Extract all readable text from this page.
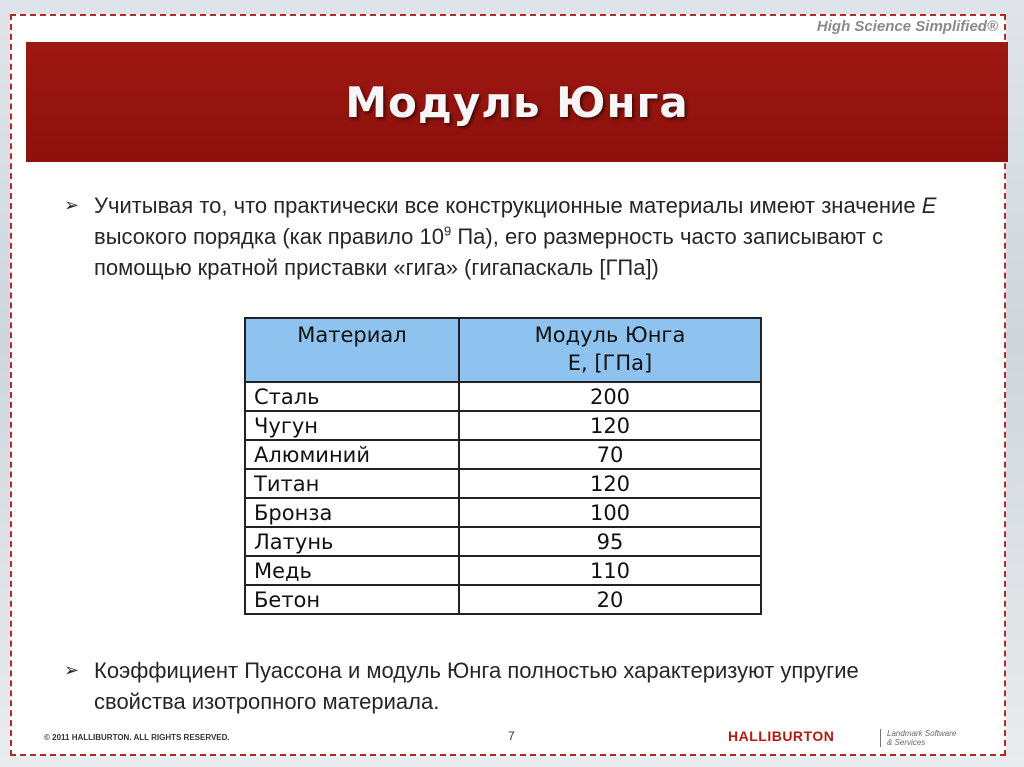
High Science Simplified®
Модуль Юнга
➢ Учитывая то, что практически все конструкционные материалы имеют значение E высокого порядка (как правило $10^9$ Па), его размерность часто записывают с помощью кратной приставки «гига» (гигапаскаль [ГПа])
Материал	Модуль Юнга
E, [ГПа]

Сталь	200
Чугун	120
Алюминий	70
Титан	120
Бронза	100
Латунь	95
Медь	110
Бетон	20
➢ Коэффициент Пуассона и модуль Юнга полностью характеризуют упругие свойства изотропного материала.
© 2011 HALLIBURTON. ALL RIGHTS RESERVED.	7	HALLIBURTON	Landmark Software
& Services
